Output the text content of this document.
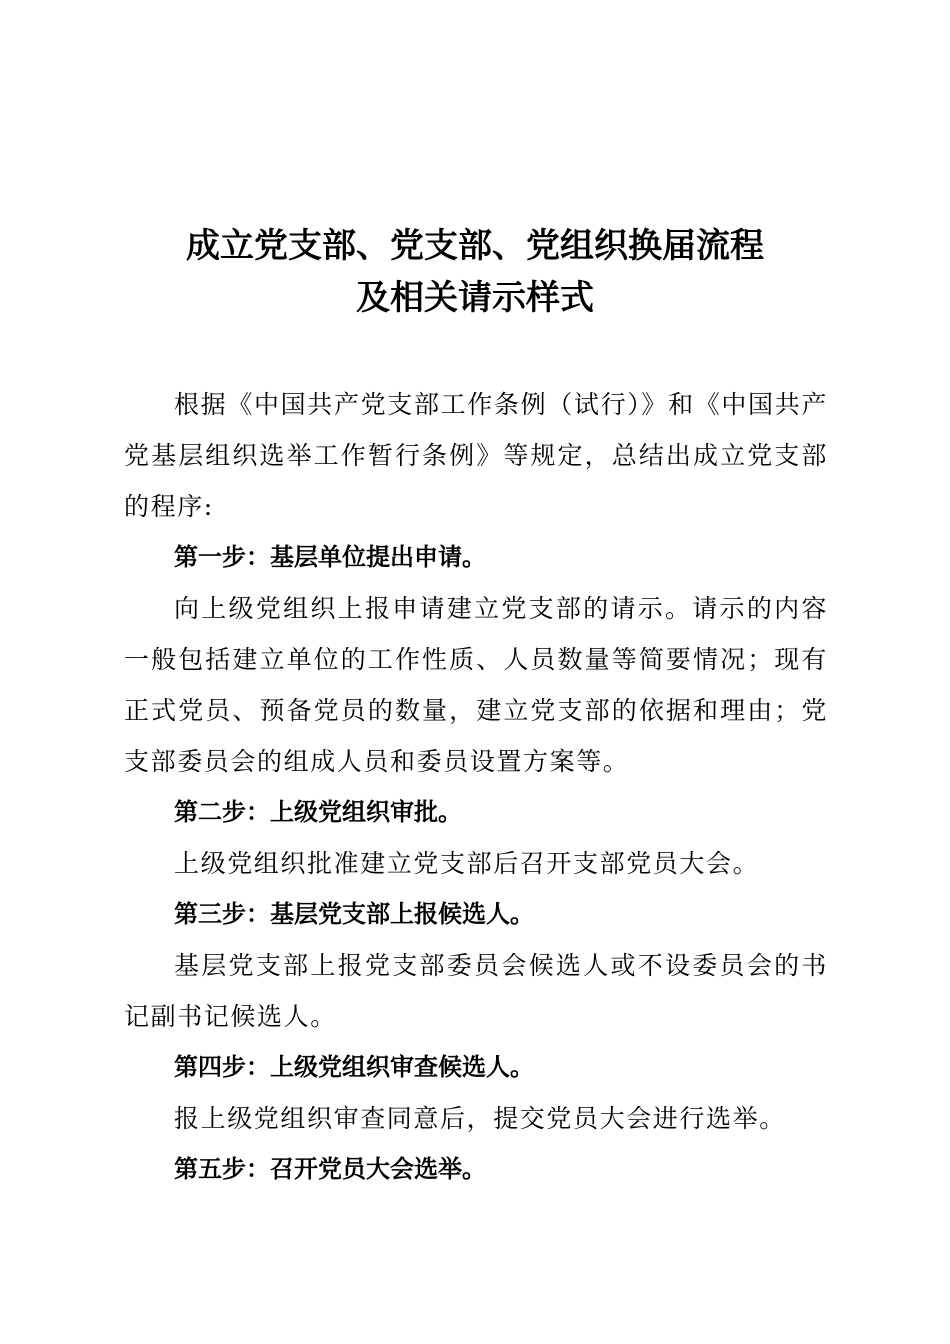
成立党支部、党支部、党组织换届流程
及相关请示样式

根据《中国共产党支部工作条例（试行）》和《中国共产党基层组织选举工作暂行条例》等规定，总结出成立党支部的程序:

第一步：基层单位提出申请。

向上级党组织上报申请建立党支部的请示。请示的内容一般包括建立单位的工作性质、人员数量等简要情况；现有正式党员、预备党员的数量，建立党支部的依据和理由；党支部委员会的组成人员和委员设置方案等。

第二步：上级党组织审批。

上级党组织批准建立党支部后召开支部党员大会。

第三步：基层党支部上报候选人。

基层党支部上报党支部委员会候选人或不设委员会的书记副书记候选人。

第四步：上级党组织审查候选人。

报上级党组织审查同意后，提交党员大会进行选举。

第五步：召开党员大会选举。
